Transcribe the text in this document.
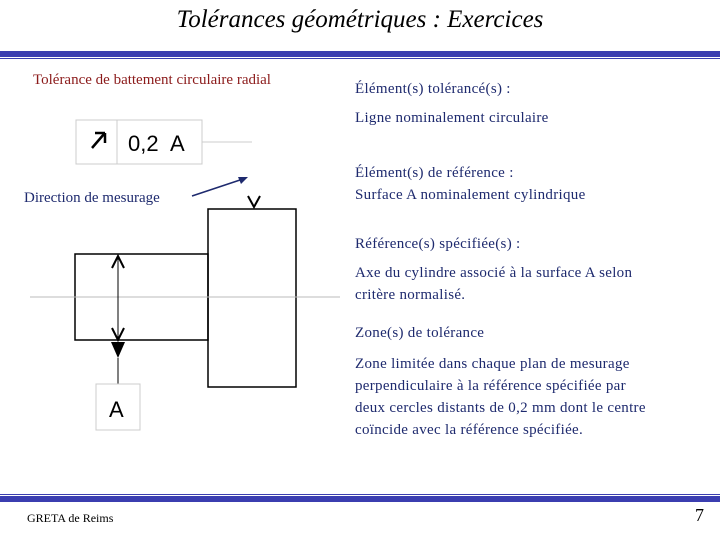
Tolérances géométriques : Exercices
Tolérance de battement circulaire radial
0,2 A
A
Direction de mesurage
Élément(s) tolérancé(s) :
Ligne nominalement circulaire
Élément(s) de référence :
Surface A nominalement cylindrique
Référence(s) spécifiée(s) :
Axe du cylindre associé à la surface A selon
critère normalisé.
Zone(s) de tolérance
Zone limitée dans chaque plan de mesurage
perpendiculaire à la référence spécifiée par
deux cercles distants de 0,2 mm dont le centre
coïncide avec la référence spécifiée.
GRETA de Reims	7
